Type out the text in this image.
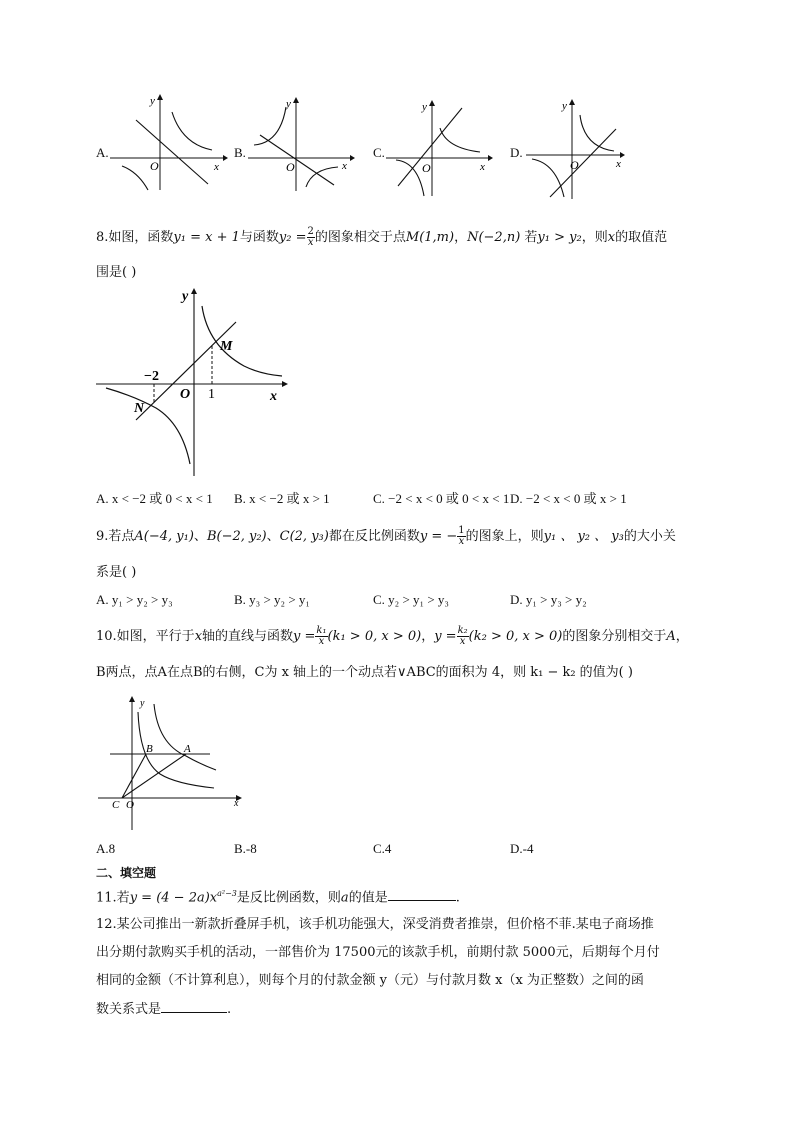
A.
O	x
y
B.
O	x
y
C.
O	x
y
D.
O	x
y
8.如图，函数y₁ = x + 1与函数$y_2 = \frac{2}{x}$ 的图象相交于点M(1,m)，N(−2,n) 若y₁ > y₂，则x的取值范
围是( )
−2
O 1	x
y
M
N
A. x < −2 或 0 < x < 1 B. x < −2 或 x > 1	C. −2 < x < 0 或 0 < x < 1 D. −2 < x < 0 或 x > 1
9.若点A(−4, y₁)、B(−2, y₂)、C(2, y₃)都在反比例函数y = − $\frac{1}{x}$ 的图象上，则y₁ 、 y₂ 、 y₃的大小关
系是( )
A. y₁ > y₂ > y₃	B. y₃ > y₂ > y₁	C. y₂ > y₁ > y₃	D. y₁ > y₃ > y₂
10.如图，平行于x轴的直线与函数$y = \frac{\text{k₁}}{x} (k_1 > 0$, x > 0)，$y = \frac{\text{k₂}}{x} (k_2 > 0$, x > 0)的图象分别相交于A，
B两点，点A在点B的右侧，C为 x 轴上的一个动点若∨ABC的面积为 4，则 k₁ − k₂ 的值为( )
B	A
C O	x
y
A.8	B.-8	C.4	D.-4
二、填空题
11.若$y = (4 - 2a)x^{a^2-3}$是反比例函数，则a的值是	.
12.某公司推出一新款折叠屏手机，该手机功能强大，深受消费者推崇，但价格不菲.某电子商场推
出分期付款购买手机的活动，一部售价为 17500元的该款手机，前期付款 5000元，后期每个月付
相同的金额（不计算利息），则每个月的付款金额 y（元）与付款月数 x（x 为正整数）之间的函
数关系式是	.
